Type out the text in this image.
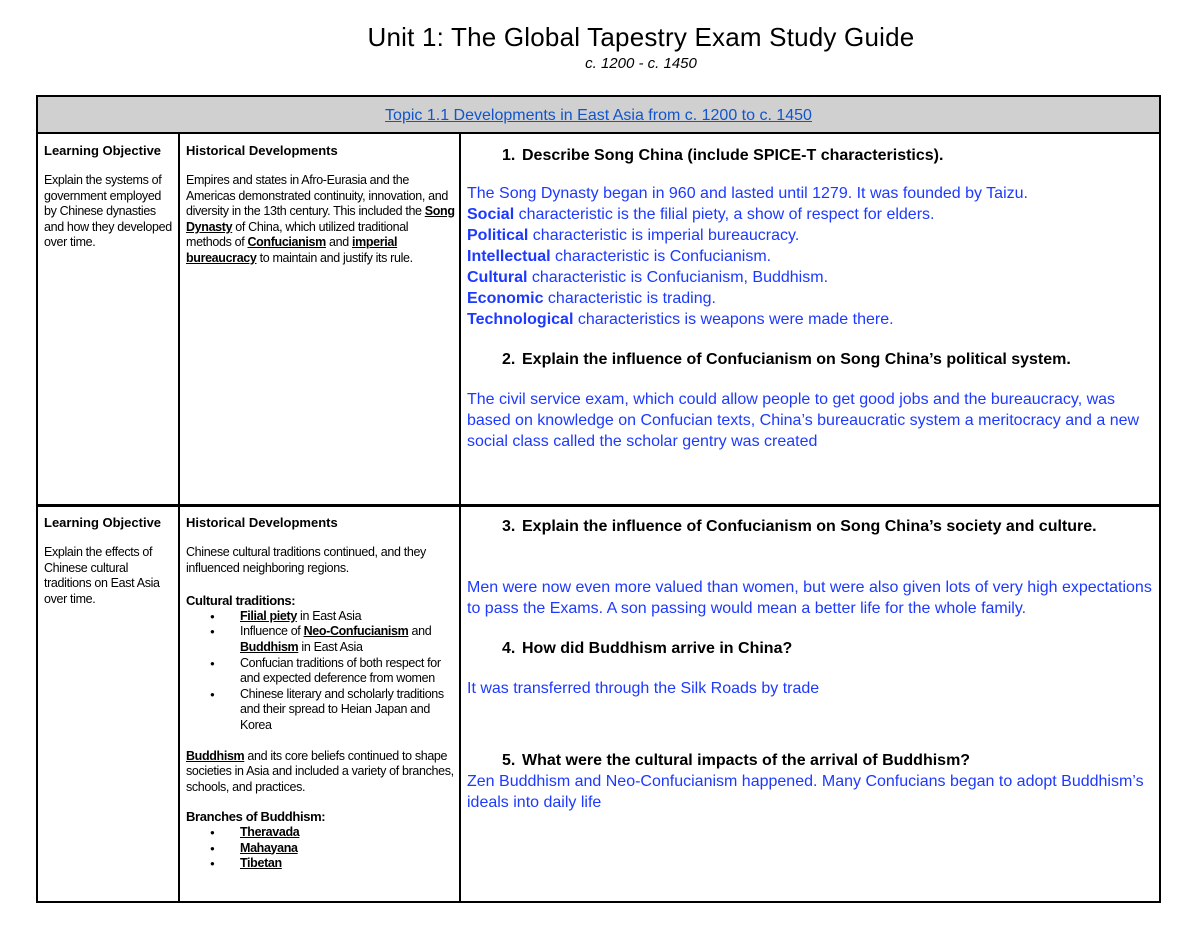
Unit 1: The Global Tapestry Exam Study Guide
c. 1200 - c. 1450
Topic 1.1 Developments in East Asia from c. 1200 to c. 1450
Learning Objective
Explain the systems of government employed by Chinese dynasties and how they developed over time.
Historical Developments
Empires and states in Afro-Eurasia and the Americas demonstrated continuity, innovation, and diversity in the 13th century. This included the Song Dynasty of China, which utilized traditional methods of Confucianism and imperial bureaucracy to maintain and justify its rule.
1. Describe Song China (include SPICE-T characteristics).
The Song Dynasty began in 960 and lasted until 1279. It was founded by Taizu.
Social characteristic is the filial piety, a show of respect for elders.
Political characteristic is imperial bureaucracy.
Intellectual characteristic is Confucianism.
Cultural characteristic is Confucianism, Buddhism.
Economic characteristic is trading.
Technological characteristics is weapons were made there.
2. Explain the influence of Confucianism on Song China’s political system.
The civil service exam, which could allow people to get good jobs and the bureaucracy, was based on knowledge on Confucian texts, China’s bureaucratic system a meritocracy and a new social class called the scholar gentry was created
Learning Objective
Explain the effects of Chinese cultural traditions on East Asia over time.
Historical Developments

Chinese cultural traditions continued, and they influenced neighboring regions.

Cultural traditions:

● Filial piety in East Asia
● Influence of Neo-Confucianism and Buddhism in East Asia
● Confucian traditions of both respect for and expected deference from women
● Chinese literary and scholarly traditions and their spread to Heian Japan and Korea

Buddhism and its core beliefs continued to shape societies in Asia and included a variety of branches, schools, and practices.

Branches of Buddhism:

● Theravada
● Mahayana
● Tibetan
3. Explain the influence of Confucianism on Song China’s society and culture.
Men were now even more valued than women, but were also given lots of very high expectations to pass the Exams. A son passing would mean a better life for the whole family.
4. How did Buddhism arrive in China?
It was transferred through the Silk Roads by trade
5. What were the cultural impacts of the arrival of Buddhism?
Zen Buddhism and Neo-Confucianism happened. Many Confucians began to adopt Buddhism’s ideals into daily life
